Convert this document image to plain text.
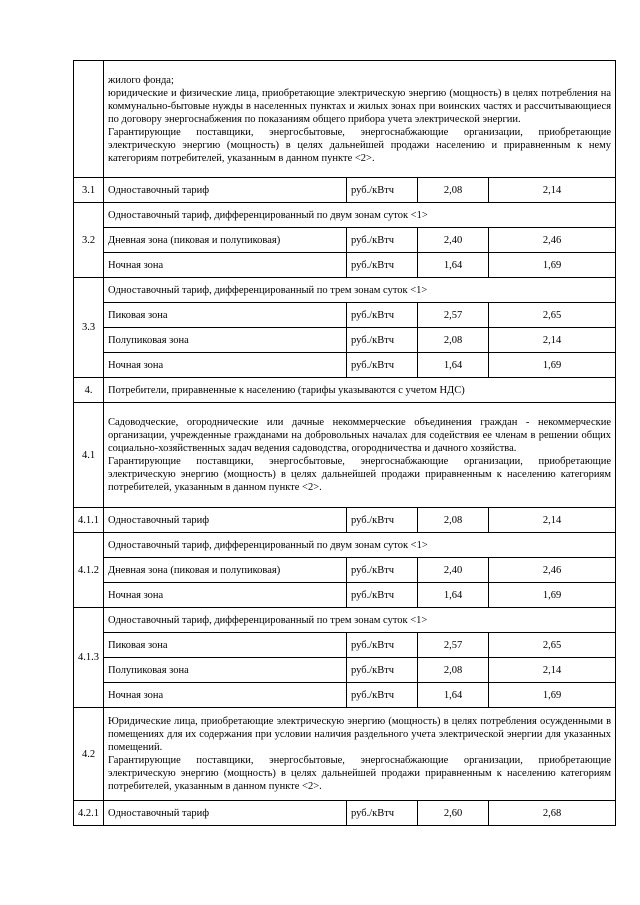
	жилого фонда;

юридические и физические лица, приобретающие электрическую энергию (мощность) в целях потребления на коммунально-бытовые нужды в населенных пунктах и жилых зонах при воинских частях и рассчитывающиеся по договору энергоснабжения по показаниям общего прибора учета электрической энергии.

Гарантирующие поставщики, энергосбытовые, энергоснабжающие организации, приобретающие электрическую энергию (мощность) в целях дальнейшей продажи населению и приравненным к нему категориям потребителей, указанным в данном пункте <2>.			

3.1	Одноставочный тариф	руб./кВтч	2,08	2,14
3.2	Одноставочный тариф, дифференцированный по двум зонам суток <1>			
	Дневная зона (пиковая и полупиковая)	руб./кВтч	2,40	2,46
	Ночная зона	руб./кВтч	1,64	1,69
3.3	Одноставочный тариф, дифференцированный по трем зонам суток <1>			
	Пиковая зона	руб./кВтч	2,57	2,65
	Полупиковая зона	руб./кВтч	2,08	2,14
	Ночная зона	руб./кВтч	1,64	1,69
4.	Потребители, приравненные к населению (тарифы указываются с учетом НДС)			
4.1	Садоводческие, огороднические или дачные некоммерческие объединения граждан - некоммерческие организации, учрежденные гражданами на добровольных началах для содействия ее членам в решении общих социально-хозяйственных задач ведения садоводства, огородничества и дачного хозяйства.

Гарантирующие поставщики, энергосбытовые, энергоснабжающие организации, приобретающие электрическую энергию (мощность) в целях дальнейшей продажи приравненным к населению категориям потребителей, указанным в данном пункте <2>.			

4.1.1	Одноставочный тариф	руб./кВтч	2,08	2,14
4.1.2	Одноставочный тариф, дифференцированный по двум зонам суток <1>			
	Дневная зона (пиковая и полупиковая)	руб./кВтч	2,40	2,46
	Ночная зона	руб./кВтч	1,64	1,69
4.1.3	Одноставочный тариф, дифференцированный по трем зонам суток <1>			
	Пиковая зона	руб./кВтч	2,57	2,65
	Полупиковая зона	руб./кВтч	2,08	2,14
	Ночная зона	руб./кВтч	1,64	1,69
4.2	Юридические лица, приобретающие электрическую энергию (мощность) в целях потребления осужденными в помещениях для их содержания при условии наличия раздельного учета электрической энергии для указанных помещений.

Гарантирующие поставщики, энергосбытовые, энергоснабжающие организации, приобретающие электрическую энергию (мощность) в целях дальнейшей продажи приравненным к населению категориям потребителей, указанным в данном пункте <2>.			

4.2.1	Одноставочный тариф	руб./кВтч	2,60	2,68
